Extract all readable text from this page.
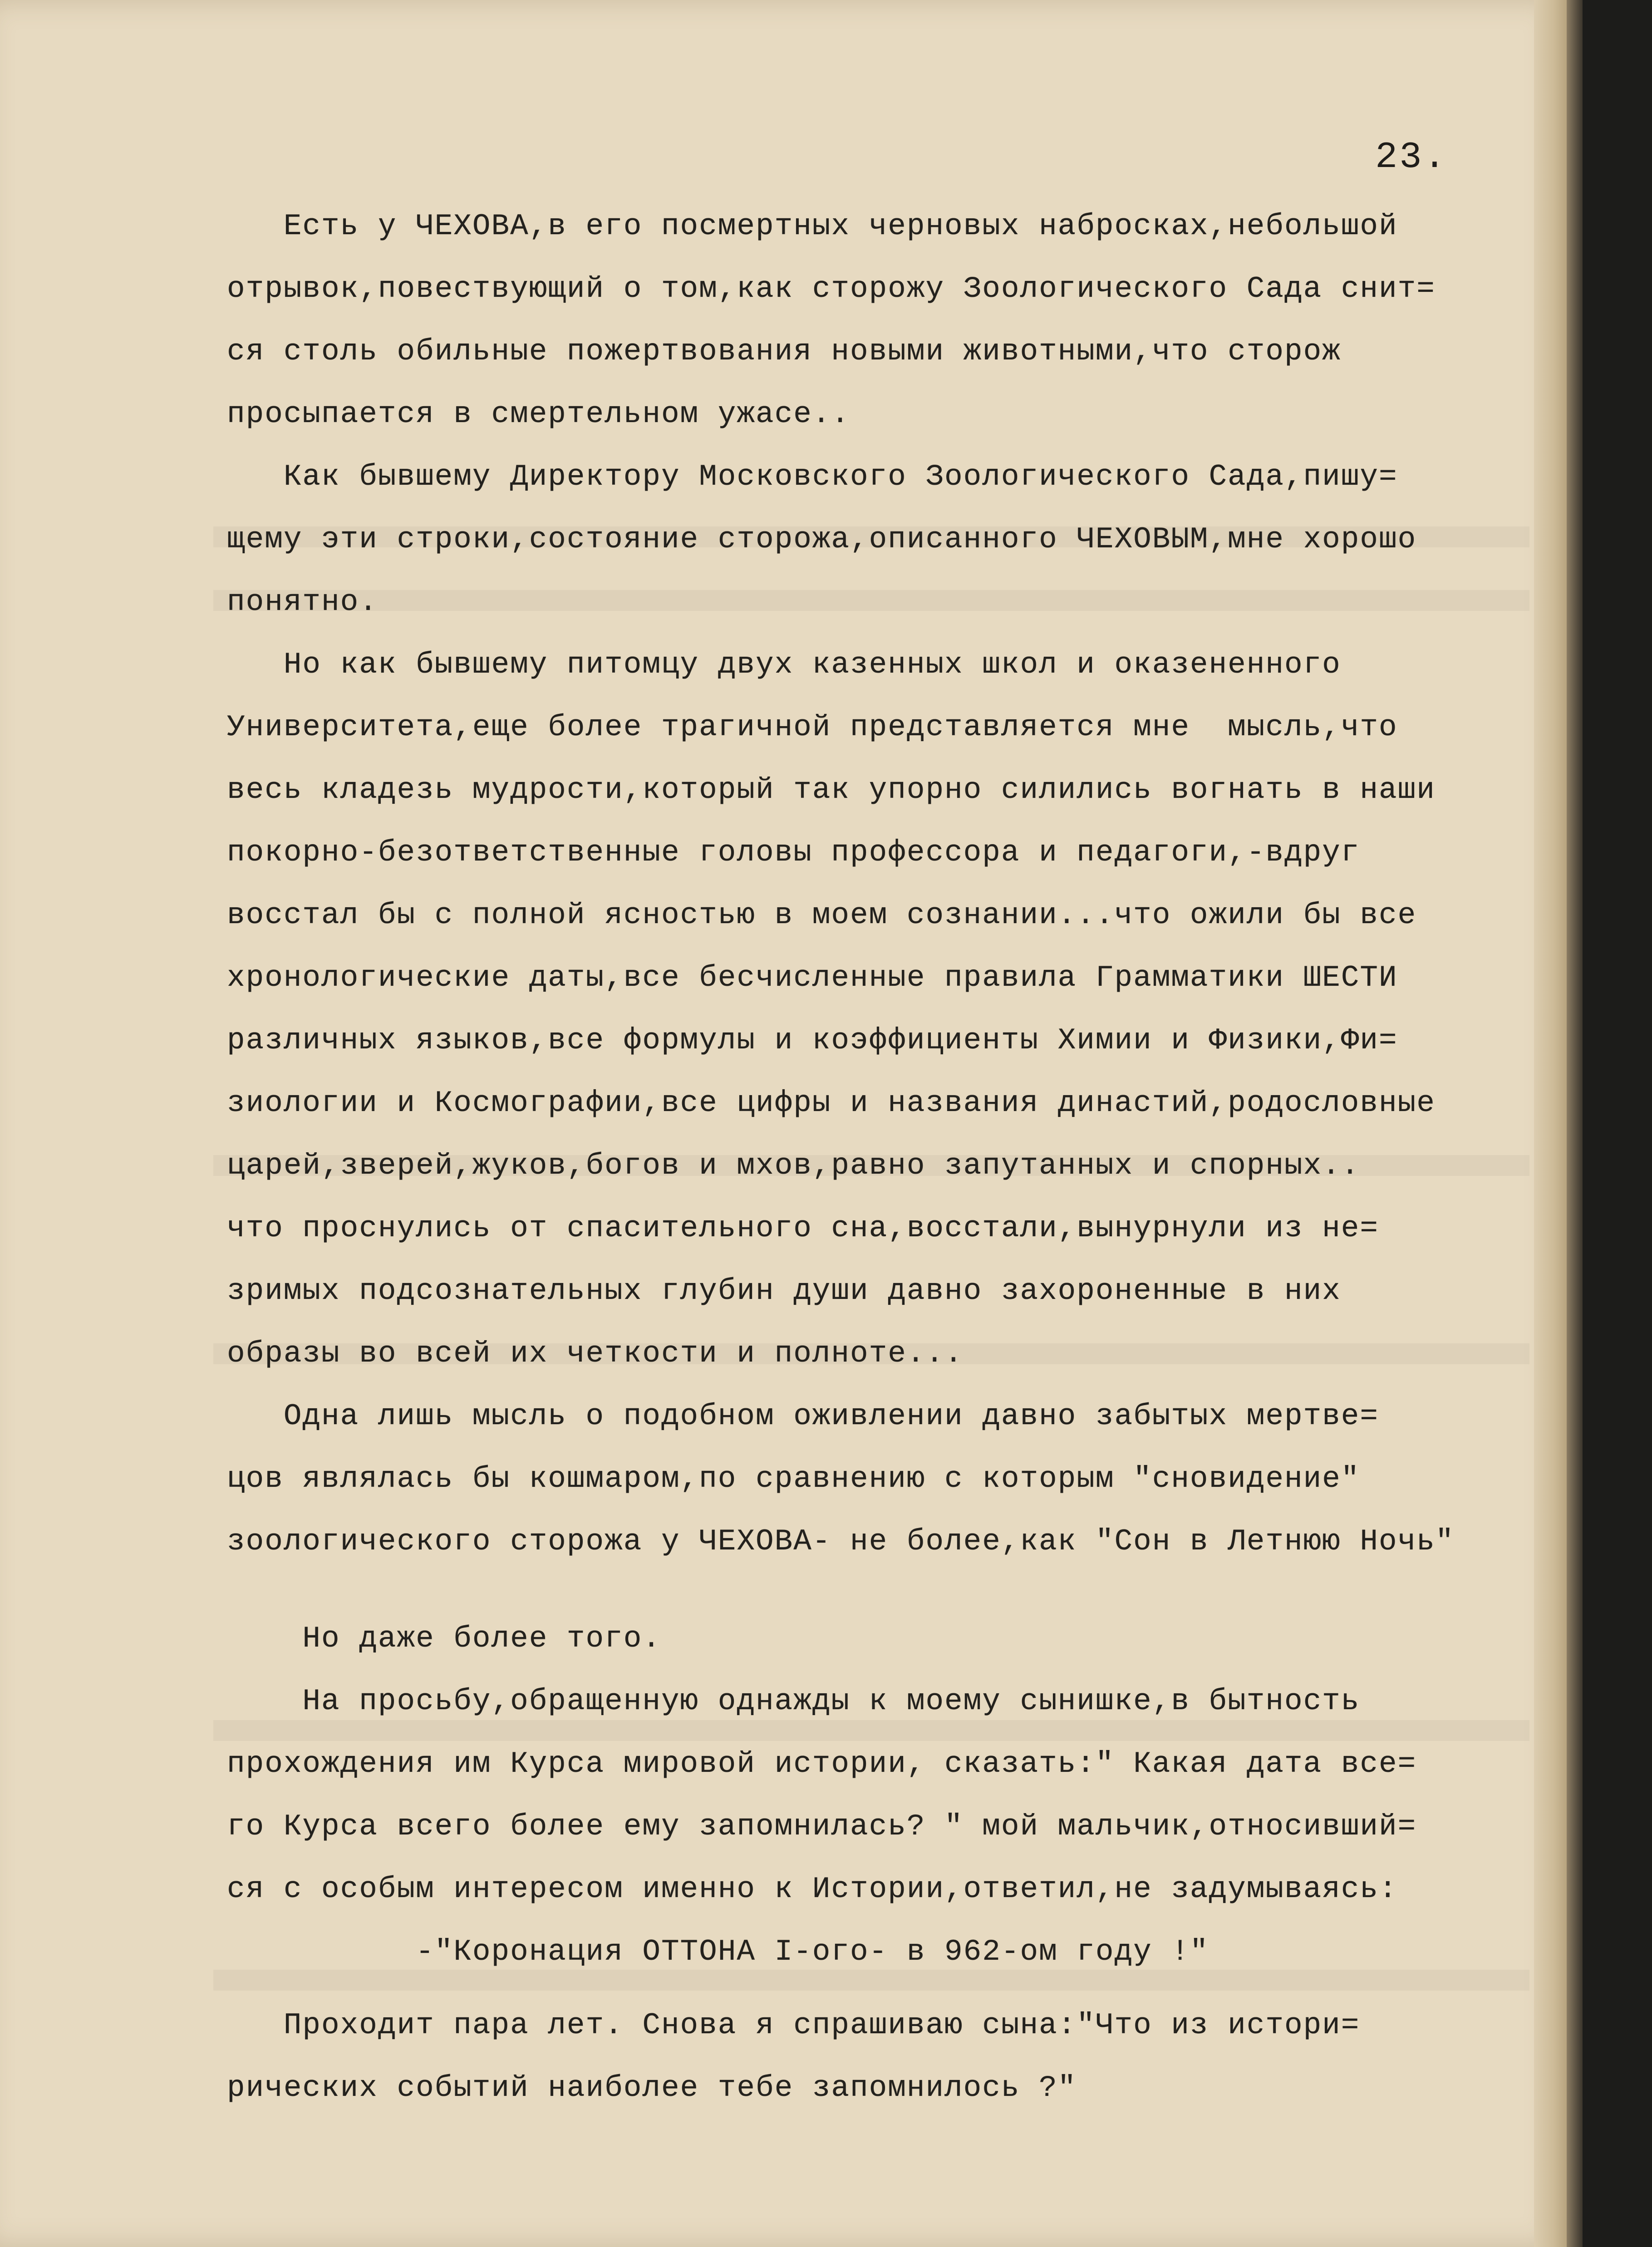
23.
Есть у ЧЕХОВА,в его посмертных черновых набросках,небольшой
отрывок,повествующий о том,как сторожу Зоологического Сада снит=
ся столь обильные пожертвования новыми животными,что сторож
просыпается в смертельном ужасе..
Как бывшему Директору Московского Зоологического Сада,пишу=
щему эти строки,состояние сторожа,описанного ЧЕХОВЫМ,мне хорошо
понятно.
Но как бывшему питомцу двух казенных школ и оказененного
Университета,еще более трагичной представляется мне  мысль,что
весь кладезь мудрости,который так упорно силились вогнать в наши
покорно-безответственные головы профессора и педагоги,-вдруг
восстал бы с полной ясностью в моем сознании...что ожили бы все
хронологические даты,все бесчисленные правила Грамматики ШЕСТИ
различных языков,все формулы и коэффициенты Химии и Физики,Фи=
зиологии и Космографии,все цифры и названия династий,родословные
царей,зверей,жуков,богов и мхов,равно запутанных и спорных..
что проснулись от спасительного сна,восстали,вынурнули из не=
зримых подсознательных глубин души давно захороненные в них
образы во всей их четкости и полноте...
Одна лишь мысль о подобном оживлении давно забытых мертве=
цов являлась бы кошмаром,по сравнению с которым "сновидение"
зоологического сторожа у ЧЕХОВА- не более,как "Сон в Летнюю Ночь"
Но даже более того.
На просьбу,обращенную однажды к моему сынишке,в бытность
прохождения им Курса мировой истории, сказать:" Какая дата все=
го Курса всего более ему запомнилась? " мой мальчик,относивший=
ся с особым интересом именно к Истории,ответил,не задумываясь:
-"Коронация ОТТОНА I-ого- в 962-ом году !"
Проходит пара лет. Снова я спрашиваю сына:"Что из истори=
рических событий наиболее тебе запомнилось ?"
